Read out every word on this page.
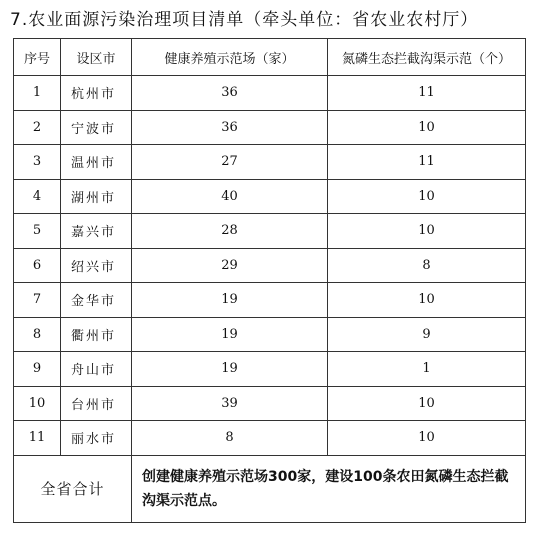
7.农业面源污染治理项目清单（牵头单位：省农业农村厅）
序号	设区市	健康养殖示范场（家）	氮磷生态拦截沟渠示范（个）
1	杭州市	36	11
2	宁波市	36	10
3	温州市	27	11
4	湖州市	40	10
5	嘉兴市	28	10
6	绍兴市	29	8
7	金华市	19	10
8	衢州市	19	9
9	舟山市	19	1
10	台州市	39	10
11	丽水市	8	10
全省合计		创建健康养殖示范场300家，建设100条农田氮磷生态拦截沟渠示范点。	
